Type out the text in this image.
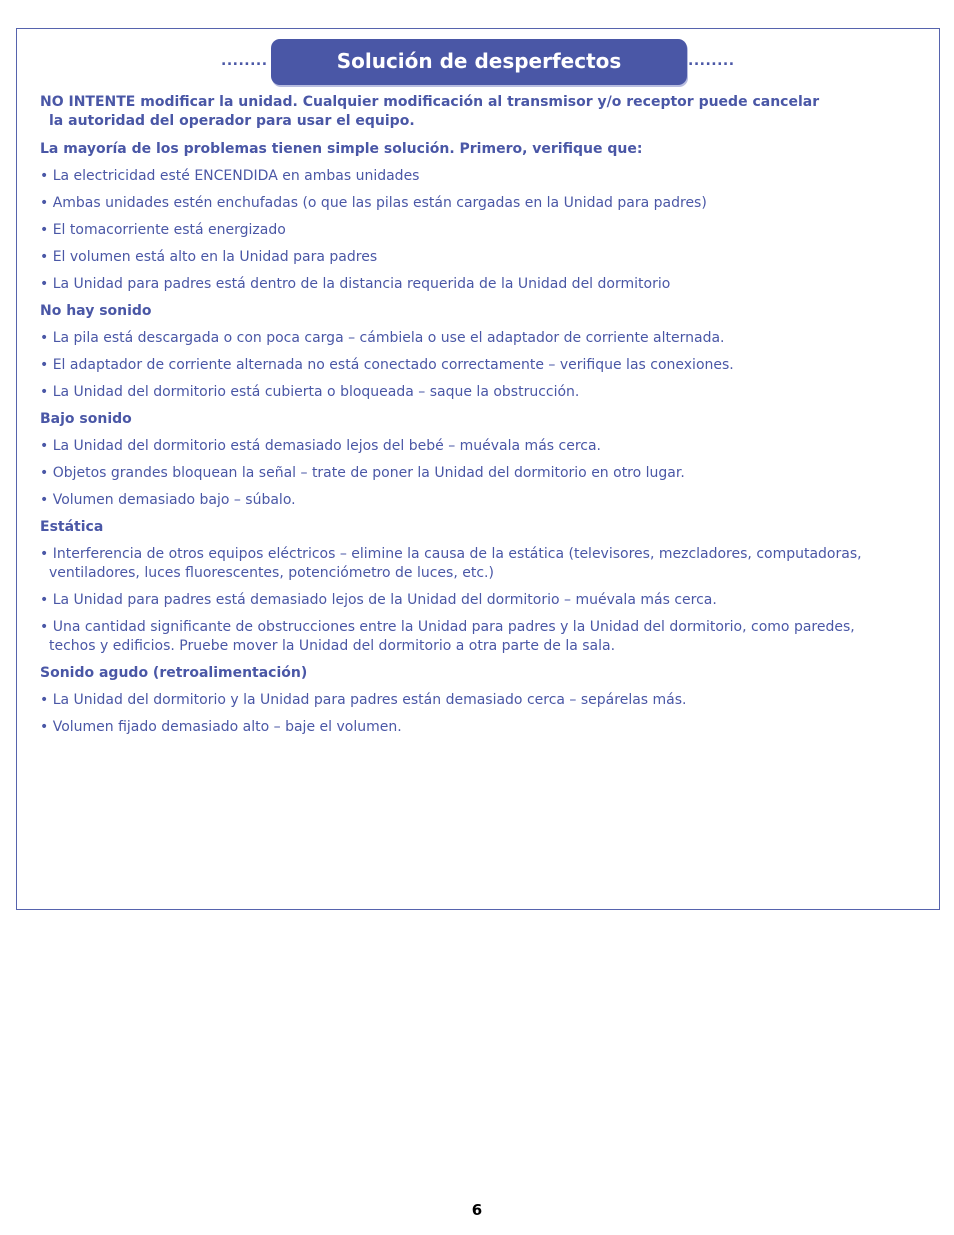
........	Solución de desperfectos	........

NO INTENTE modificar la unidad. Cualquier modificación al transmisor y/o receptor puede cancelar
la autoridad del operador para usar el equipo.

La mayoría de los problemas tienen simple solución. Primero, verifique que:

• La electricidad esté ENCENDIDA en ambas unidades

• Ambas unidades estén enchufadas (o que las pilas están cargadas en la Unidad para padres)

• El tomacorriente está energizado

• El volumen está alto en la Unidad para padres

• La Unidad para padres está dentro de la distancia requerida de la Unidad del dormitorio

No hay sonido

• La pila está descargada o con poca carga – cámbiela o use el adaptador de corriente alternada.

• El adaptador de corriente alternada no está conectado correctamente – verifique las conexiones.

• La Unidad del dormitorio está cubierta o bloqueada – saque la obstrucción.

Bajo sonido

• La Unidad del dormitorio está demasiado lejos del bebé – muévala más cerca.

• Objetos grandes bloquean la señal – trate de poner la Unidad del dormitorio en otro lugar.

• Volumen demasiado bajo – súbalo.

Estática

• Interferencia de otros equipos eléctricos – elimine la causa de la estática (televisores, mezcladores, computadoras,
ventiladores, luces fluorescentes, potenciómetro de luces, etc.)

• La Unidad para padres está demasiado lejos de la Unidad del dormitorio – muévala más cerca.

• Una cantidad significante de obstrucciones entre la Unidad para padres y la Unidad del dormitorio, como paredes,
techos y edificios. Pruebe mover la Unidad del dormitorio a otra parte de la sala.

Sonido agudo (retroalimentación)

• La Unidad del dormitorio y la Unidad para padres están demasiado cerca – sepárelas más.

• Volumen fijado demasiado alto – baje el volumen.

6
